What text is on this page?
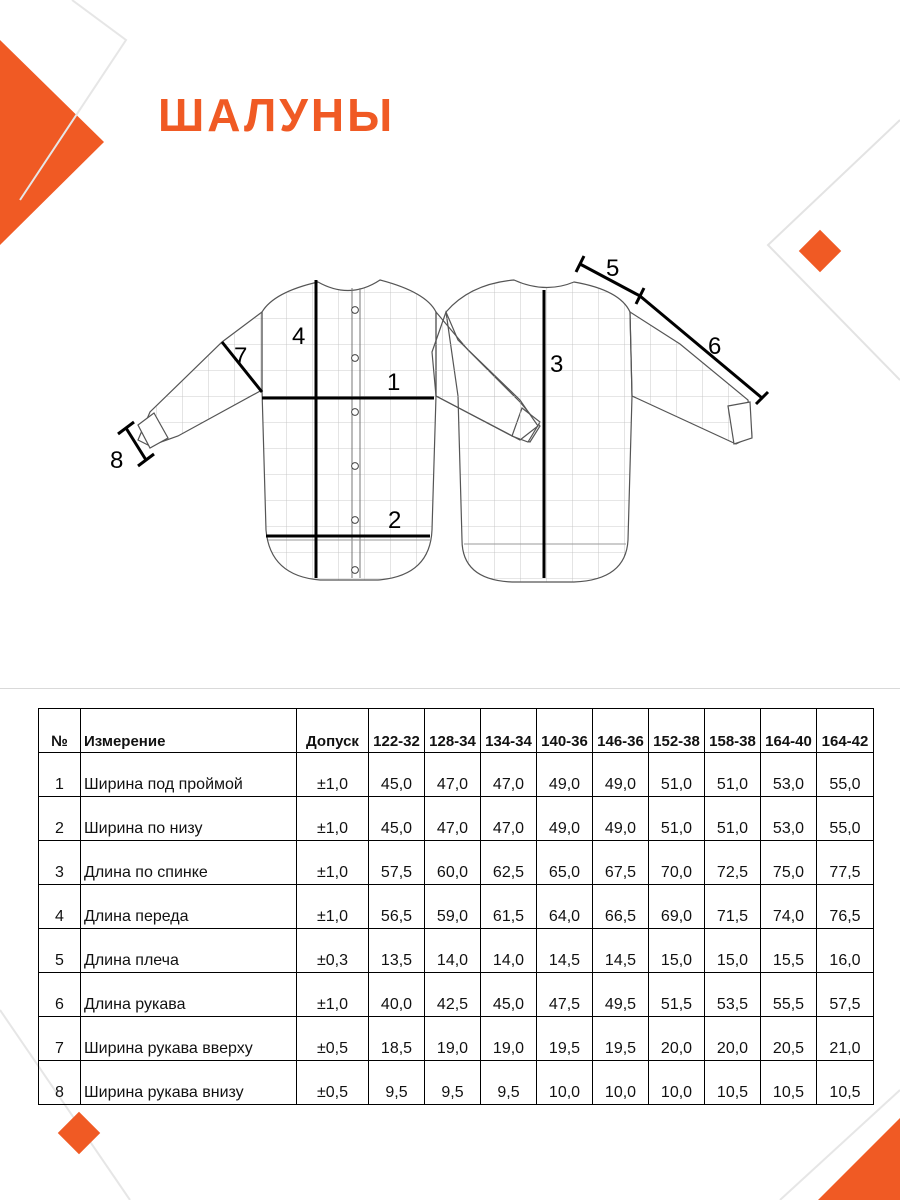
ШАЛУНЫ
1
2
3
4
5
6
7
8
№	Измерение	Допуск	122-32	128-34	134-34	140-36	146-36	152-38	158-38	164-40	164-42
1	Ширина под проймой	±1,0	45,0	47,0	47,0	49,0	49,0	51,0	51,0	53,0	55,0
2	Ширина по низу	±1,0	45,0	47,0	47,0	49,0	49,0	51,0	51,0	53,0	55,0
3	Длина по спинке	±1,0	57,5	60,0	62,5	65,0	67,5	70,0	72,5	75,0	77,5
4	Длина переда	±1,0	56,5	59,0	61,5	64,0	66,5	69,0	71,5	74,0	76,5
5	Длина плеча	±0,3	13,5	14,0	14,0	14,5	14,5	15,0	15,0	15,5	16,0
6	Длина рукава	±1,0	40,0	42,5	45,0	47,5	49,5	51,5	53,5	55,5	57,5
7	Ширина рукава вверху	±0,5	18,5	19,0	19,0	19,5	19,5	20,0	20,0	20,5	21,0
8	Ширина рукава внизу	±0,5	9,5	9,5	9,5	10,0	10,0	10,0	10,5	10,5	10,5
